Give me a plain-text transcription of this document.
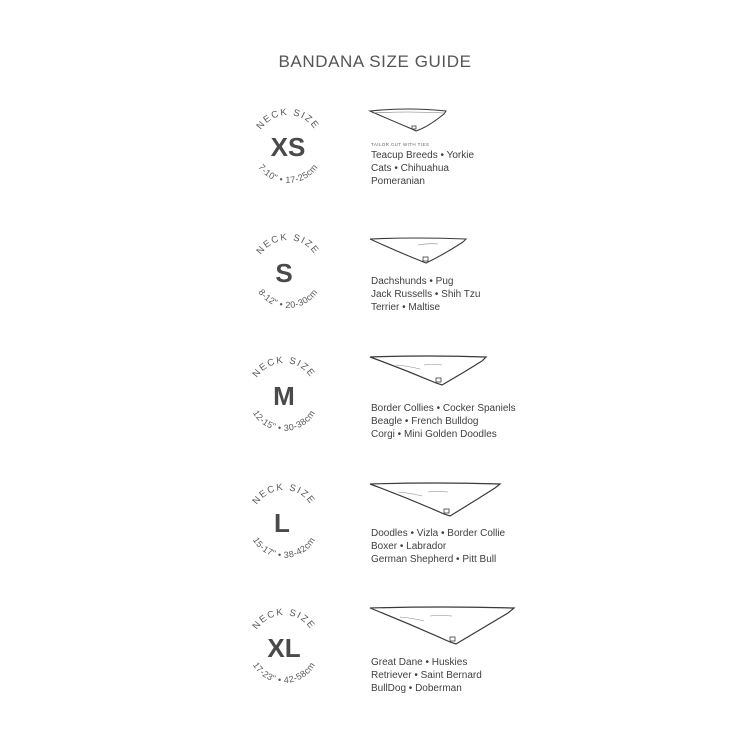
BANDANA SIZE GUIDE
NECK SIZE
XS
7-10" • 17-25cm
TAILOR CUT WITH TIES
Teacup Breeds • Yorkie
Cats • Chihuahua
Pomeranian
NECK SIZE
S
8-12" • 20-30cm
Dachshunds • Pug
Jack Russells • Shih Tzu
Terrier • Maltise
NECK SIZE
M
12-15" • 30-38cm	Border Collies • Cocker Spaniels
Beagle • French Bulldog
Corgi • Mini Golden Doodles
NECK SIZE
L
15-17" • 38-42cm
Doodles • Vizla • Border Collie
Boxer • Labrador
German Shepherd • Pitt Bull
NECK SIZE
XL
17-23" • 42-58cm	Great Dane • Huskies
Retriever • Saint Bernard
BullDog • Doberman
